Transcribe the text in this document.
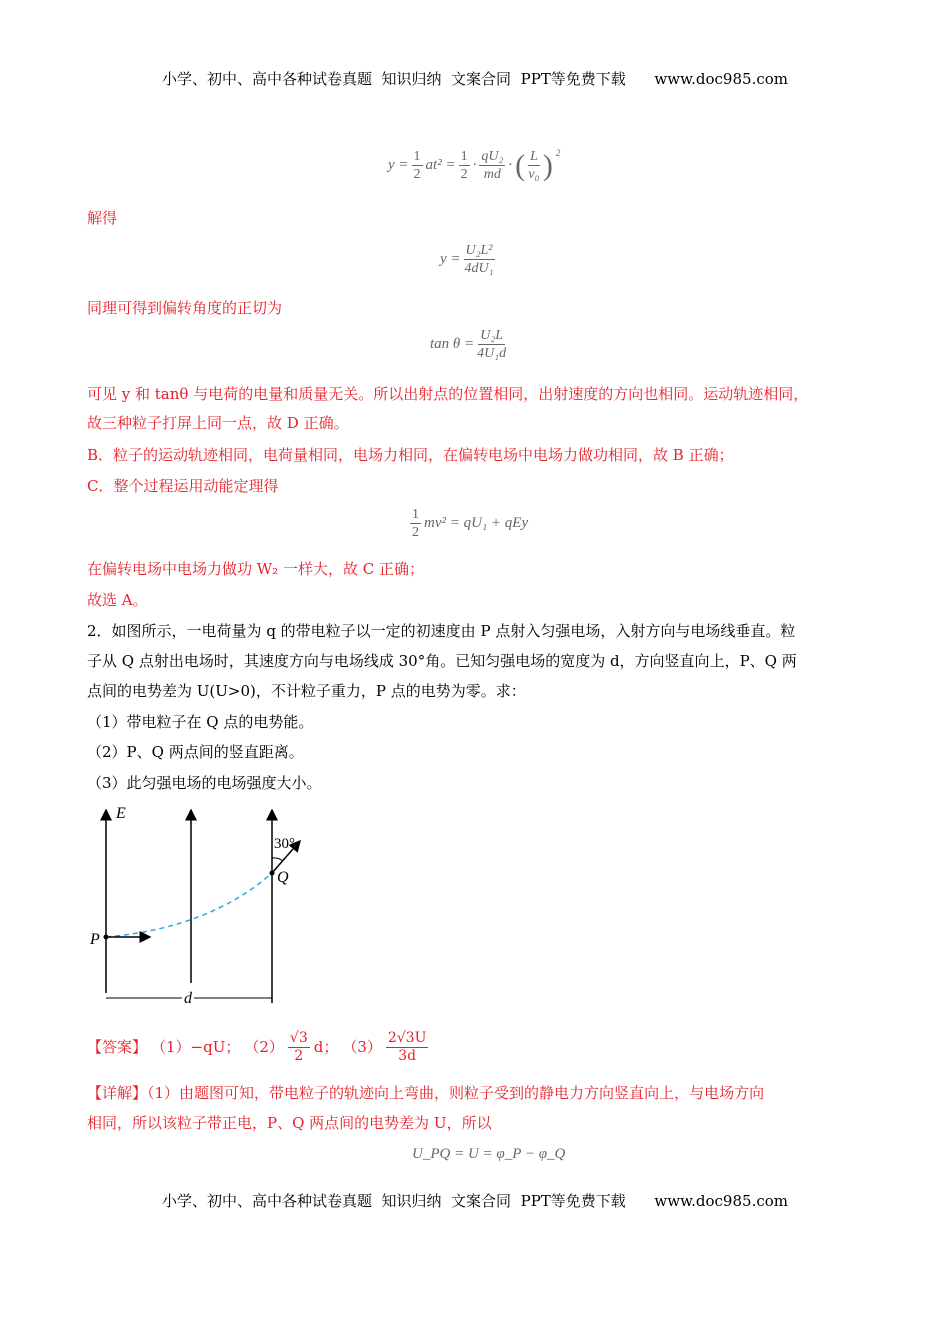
小学、初中、高中各种试卷真题  知识归纳  文案合同  PPT等免费下载      www.doc985.com
$y = \frac{1}{2} at^2 = \frac{1}{2} \cdot \frac{\text{qU₂}}{md}$ · ( $\frac{L}{\text{v₀}}$ ) $^2$
解得
$y = \frac{\text{U₂L²}}{\text{4dU₁}}$
同理可得到偏转角度的正切为
$\tan \theta = \frac{\text{U₂L}}{\text{4U₁d}}$
可见 y 和 tanθ 与电荷的电量和质量无关。所以出射点的位置相同，出射速度的方向也相同。运动轨迹相同，
故三种粒子打屏上同一点，故 D 正确。
B．粒子的运动轨迹相同，电荷量相同，电场力相同，在偏转电场中电场力做功相同，故 B 正确；
C．整个过程运用动能定理得
$\frac{1}{2} mv^2 = qU_1$ + qEy
在偏转电场中电场力做功 W₂ 一样大，故 C 正确；
故选 A。
2．如图所示，一电荷量为 q 的带电粒子以一定的初速度由 P 点射入匀强电场，入射方向与电场线垂直。粒
子从 Q 点射出电场时，其速度方向与电场线成 30°角。已知匀强电场的宽度为 d，方向竖直向上，P、Q 两
点间的电势差为 U(U>0)，不计粒子重力，P 点的电势为零。求：
（1）带电粒子在 Q 点的电势能。
（2）P、Q 两点间的竖直距离。
（3）此匀强电场的电场强度大小。
E
30°
Q
P
d
【答案】 （1）−qU； $(2) \frac{√3}{2}$ d； $(3) \frac{2√3U}{3d}$
【详解】（1）由题图可知，带电粒子的轨迹向上弯曲，则粒子受到的静电力方向竖直向上，与电场方向
相同，所以该粒子带正电，P、Q 两点间的电势差为 U，所以
U_PQ = U = φ_P − φ_Q
小学、初中、高中各种试卷真题  知识归纳  文案合同  PPT等免费下载      www.doc985.com
